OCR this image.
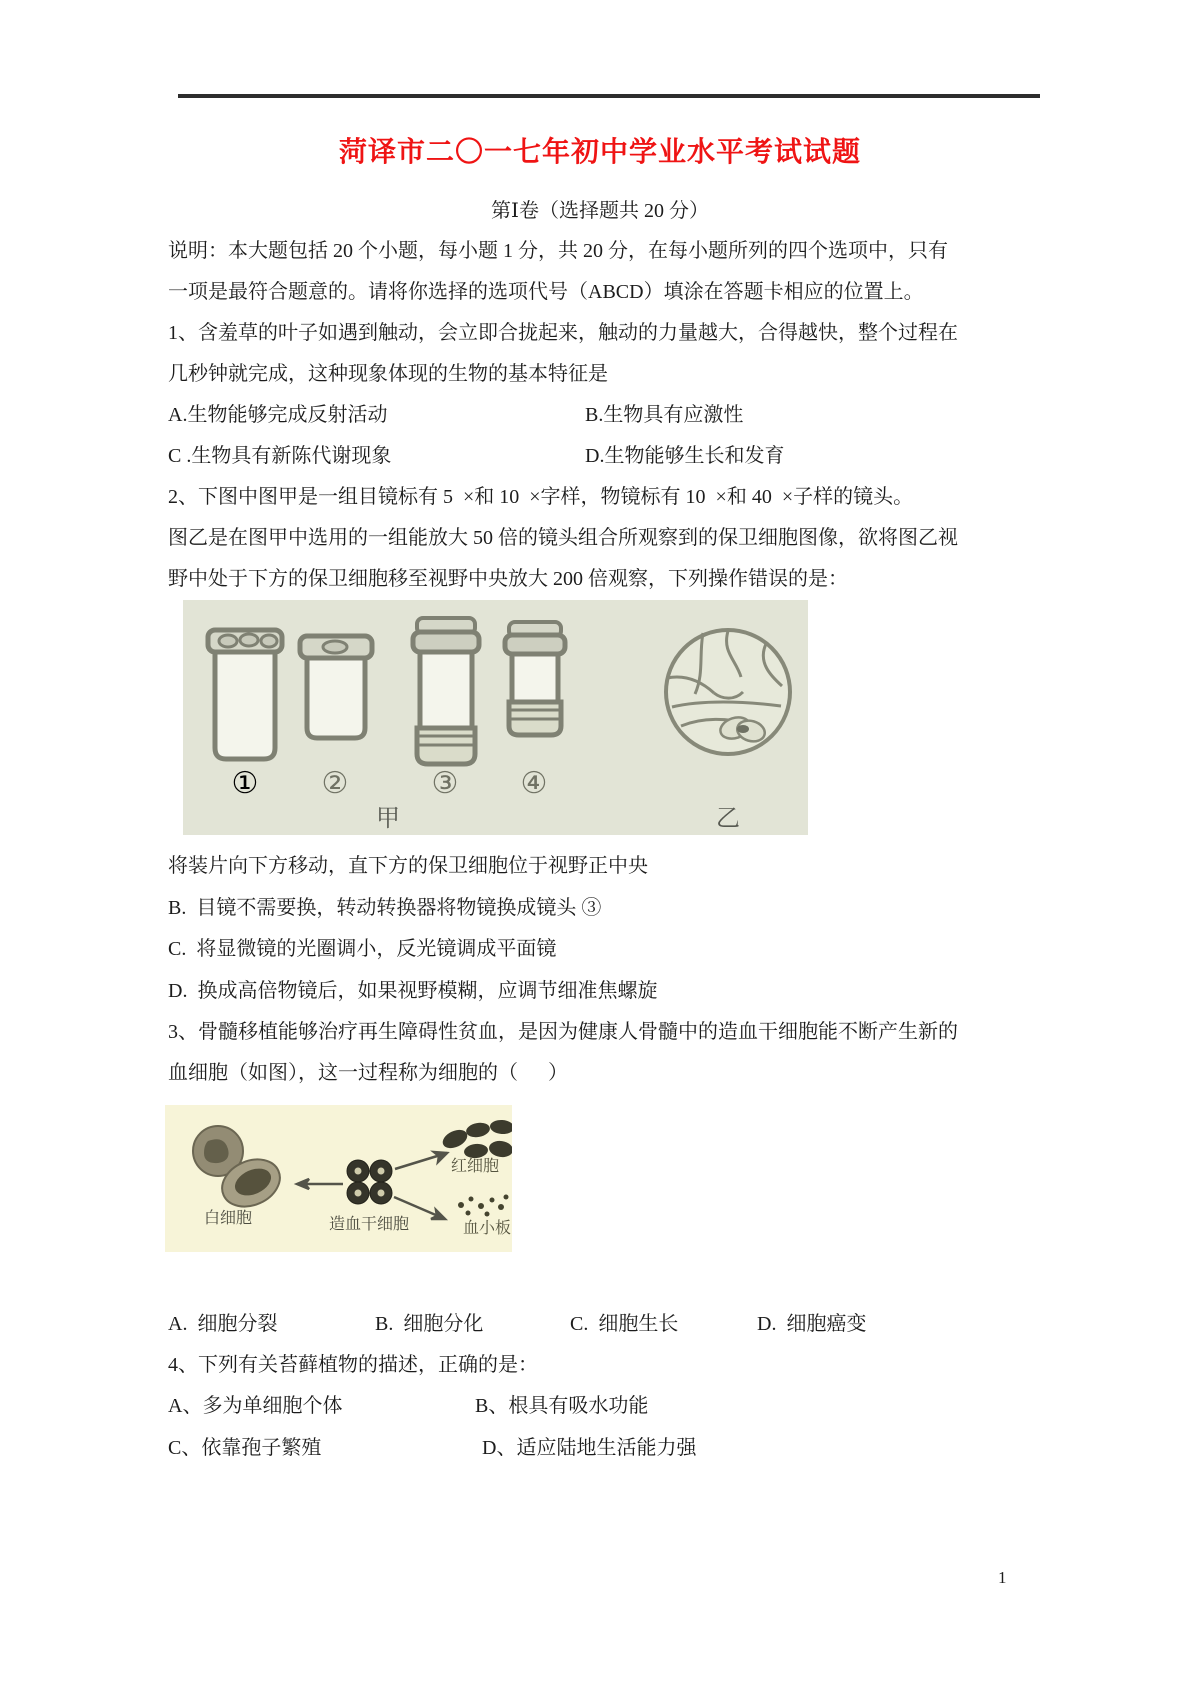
菏译市二〇一七年初中学业水平考试试题
第Ⅰ卷（选择题共 20 分）
说明：本大题包括 20 个小题，每小题 1 分，共 20 分，在每小题所列的四个选项中，只有
一项是最符合题意的。请将你选择的选项代号（ABCD）填涂在答题卡相应的位置上。
1、含羞草的叶子如遇到触动，会立即合拢起来，触动的力量越大，合得越快，整个过程在
几秒钟就完成，这种现象体现的生物的基本特征是
A.生物能够完成反射活动	B.生物具有应激性
C .生物具有新陈代谢现象	D.生物能够生长和发育
2、下图中图甲是一组目镜标有 5  ×和 10  ×字样，物镜标有 10  ×和 40  ×子样的镜头。
图乙是在图甲中选用的一组能放大 50 倍的镜头组合所观察到的保卫细胞图像，欲将图乙视
野中处于下方的保卫细胞移至视野中央放大 200 倍观察，下列操作错误的是：
① ②	③ ④
甲	乙
将装片向下方移动，直下方的保卫细胞位于视野正中央
B.  目镜不需要换，转动转换器将物镜换成镜头 ③
C.  将显微镜的光圈调小，反光镜调成平面镜
D.  换成高倍物镜后，如果视野模糊，应调节细准焦螺旋
3、骨髓移植能够治疗再生障碍性贫血，是因为健康人骨髓中的造血干细胞能不断产生新的
血细胞（如图），这一过程称为细胞的（      ）
白细胞	造血干细胞
红细胞
血小板
A.  细胞分裂	B.  细胞分化	C.  细胞生长	D.  细胞癌变
4、下列有关苔藓植物的描述，正确的是：
A、多为单细胞个体	B、根具有吸水功能
C、依靠孢子繁殖	D、适应陆地生活能力强
1
